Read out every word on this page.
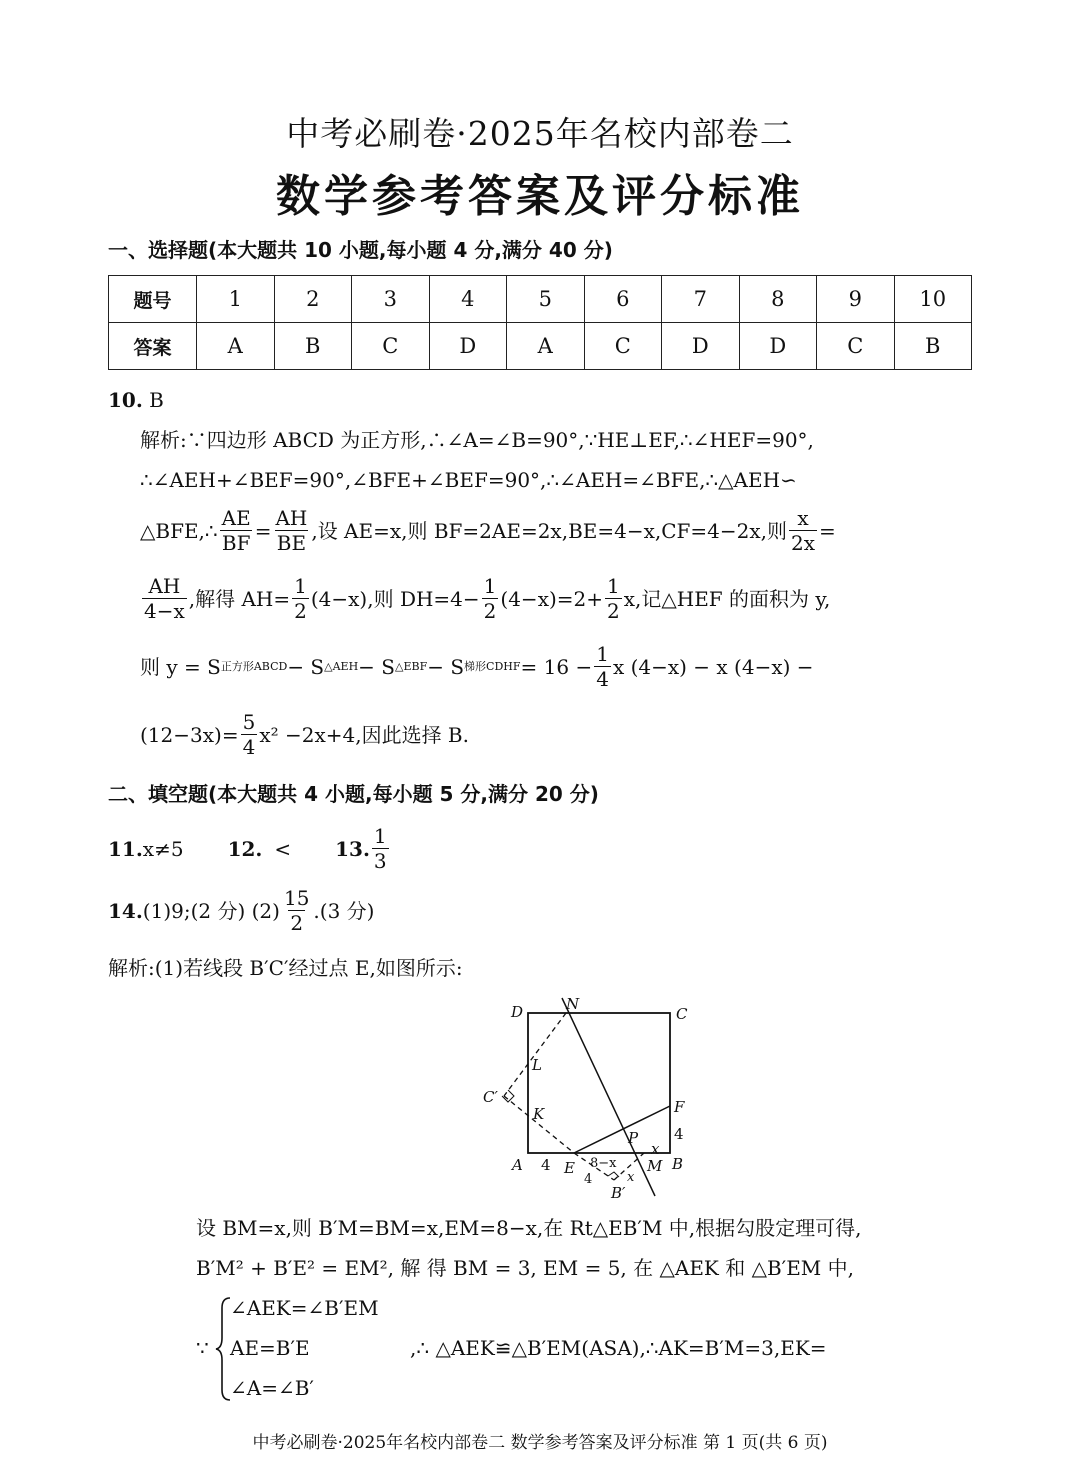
中考必刷卷·2025年名校内部卷二
数学参考答案及评分标准
一、选择题(本大题共 10 小题,每小题 4 分,满分 40 分)
题号	1	2	3	4	5	6	7	8	9	10
答案	A	B	C	D	A	C	D	D	C	B
10. B
解析:∵四边形 ABCD 为正方形,∴∠A=∠B=90°,∵HE⊥EF,∴∠HEF=90°,
∴∠AEH+∠BEF=90°,∠BFE+∠BEF=90°,∴∠AEH=∠BFE,∴△AEH∽
△BFE,∴ $\frac{AE}{BF} = \frac{AH}{BE}$ ,设 AE=x,则 BF=2AE=2x,BE=4−x,CF=4−2x,则 $\frac{x}{2x}$ =
$\frac{AH}{4-x}$ ,解得 $AH= \frac{1}{2} (4-x)$,则 $DH=4- \frac{1}{2} (4-x)=2+ \frac{1}{2} x$,记△HEF 的面积为 y,
则 y = S 正方形ABCD − S △AEH − S △EBF − S 梯形CDHF = $16 - \frac{1}{4}$ x (4−x) − x (4−x) −
$(12-3x)= \frac{5}{4} x^2 -2x+4$,因此选择 B.
二、填空题(本大题共 4 小题,每小题 5 分,满分 20 分)
11. x≠5 12. < 13. $\frac{1}{3}$
14. (1)9;(2 分) $(2) \frac{15}{2} .(3$ 分)
解析:(1)若线段 B′C′经过点 E,如图所示:
D	N
C
L
C′
K	F
4
P
x
A 4 E 8−x M B
4	x
B′
设 BM=x,则 B′M=BM=x,EM=8−x,在 Rt△EB′M 中,根据勾股定理可得,
B′M² + B′E² = EM², 解 得 BM = 3, EM = 5, 在 △AEK 和 △B′EM 中,
∵
∠AEK=∠B′EM
AE=B′E
∠A=∠B′
,∴ △AEK≌△B′EM(ASA),∴AK=B′M=3,EK=
中考必刷卷·2025年名校内部卷二 数学参考答案及评分标准 第 1 页(共 6 页)
